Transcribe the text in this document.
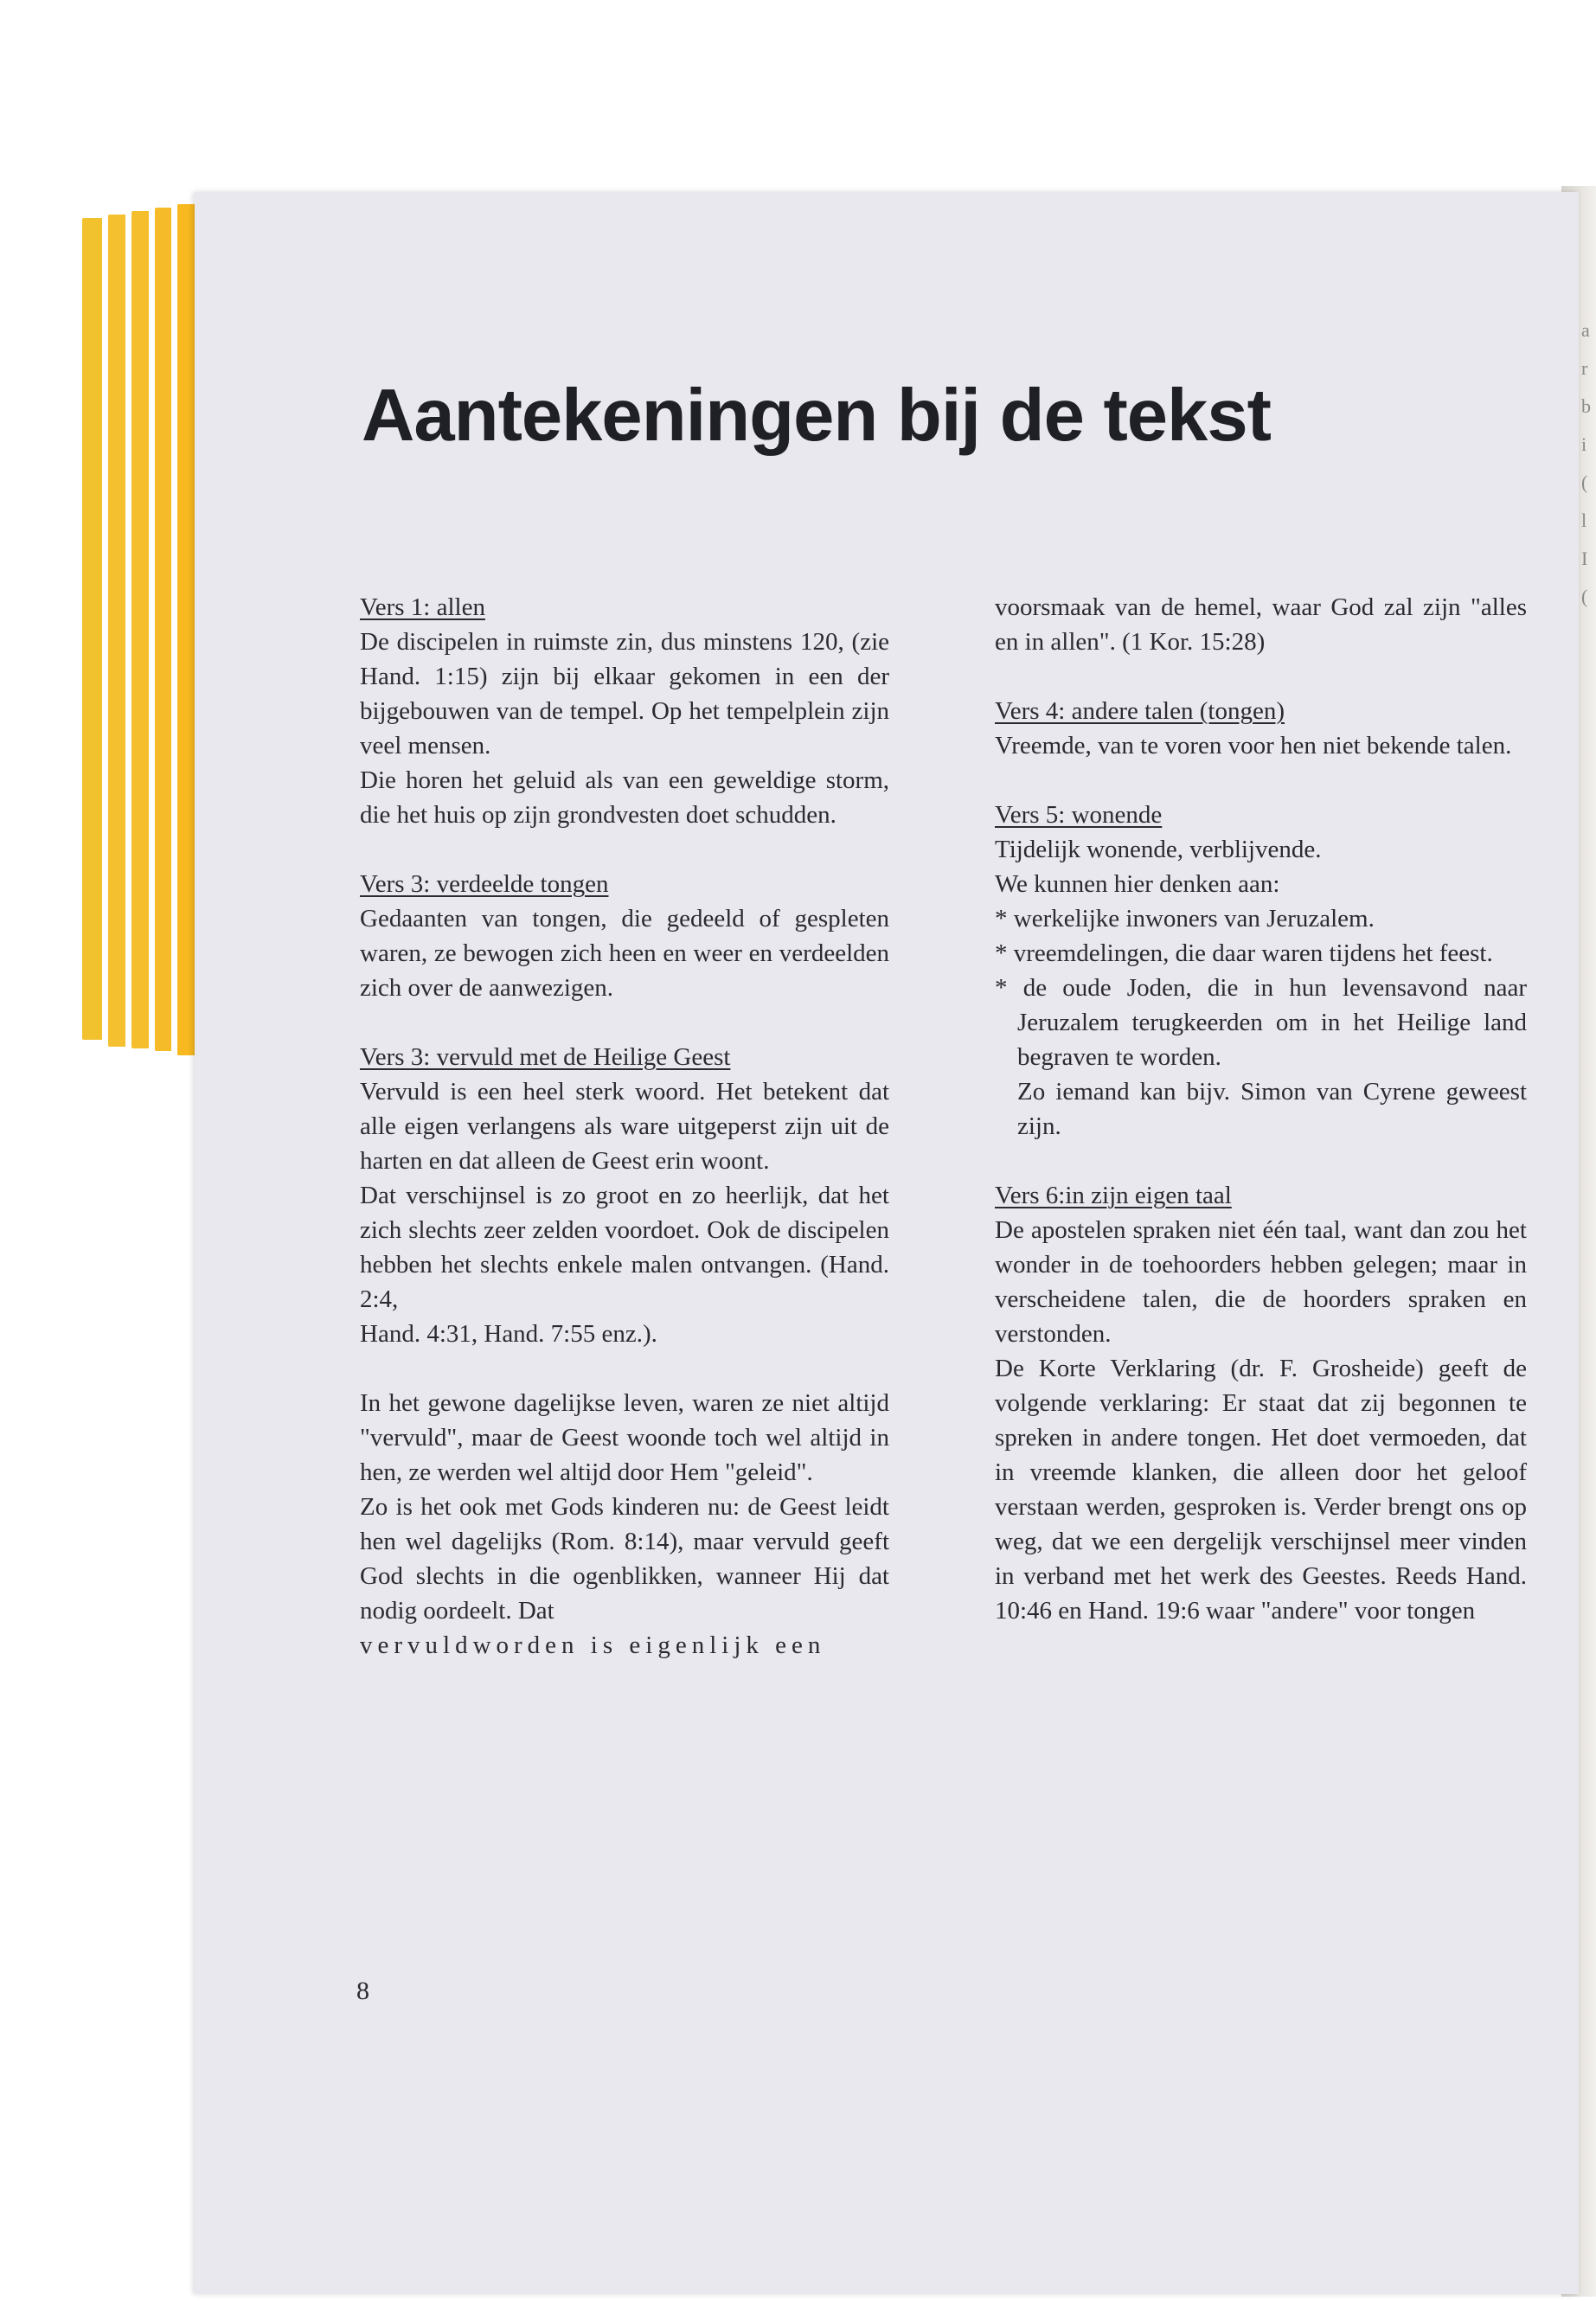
a
r
b
i
(
l
I
(
Aantekeningen bij de tekst

Vers 1: allen

De discipelen in ruimste zin, dus minstens 120, (zie Hand. 1:15) zijn bij elkaar gekomen in een der bijgebouwen van de tempel. Op het tempelplein zijn veel mensen.

Die horen het geluid als van een geweldige storm, die het huis op zijn grondvesten doet schudden.

Vers 3: verdeelde tongen

Gedaanten van tongen, die gedeeld of gespleten waren, ze bewogen zich heen en weer en verdeelden zich over de aanwezigen.

Vers 3: vervuld met de Heilige Geest

Vervuld is een heel sterk woord. Het betekent dat alle eigen verlangens als ware uitgeperst zijn uit de harten en dat alleen de Geest erin woont.

Dat verschijnsel is zo groot en zo heerlijk, dat het zich slechts zeer zelden voordoet. Ook de discipelen hebben het slechts enkele malen ontvangen. (Hand. 2:4,

Hand. 4:31, Hand. 7:55 enz.).

In het gewone dagelijkse leven, waren ze niet altijd "vervuld", maar de Geest woonde toch wel altijd in hen, ze werden wel altijd door Hem "geleid".

Zo is het ook met Gods kinderen nu: de Geest leidt hen wel dagelijks (Rom. 8:14), maar vervuld geeft God slechts in die ogenblikken, wanneer Hij dat nodig oordeelt. Dat

vervuldworden is eigenlijk een

voorsmaak van de hemel, waar God zal zijn "alles en in allen". (1 Kor. 15:28)

Vers 4: andere talen (tongen)

Vreemde, van te voren voor hen niet bekende talen.

Vers 5: wonende

Tijdelijk wonende, verblijvende.

We kunnen hier denken aan:

* werkelijke inwoners van Jeruzalem.

* vreemdelingen, die daar waren tijdens het feest.

* de oude Joden, die in hun levensavond naar Jeruzalem terugkeerden om in het Heilige land begraven te worden.

Zo iemand kan bijv. Simon van Cyrene geweest zijn.

Vers 6:in zijn eigen taal

De apostelen spraken niet één taal, want dan zou het wonder in de toehoorders hebben gelegen; maar in verscheidene talen, die de hoorders spraken en verstonden.

De Korte Verklaring (dr. F. Grosheide) geeft de volgende verklaring: Er staat dat zij begonnen te spreken in andere tongen. Het doet vermoeden, dat in vreemde klanken, die alleen door het geloof verstaan werden, gesproken is. Verder brengt ons op weg, dat we een dergelijk verschijnsel meer vinden in verband met het werk des Geestes. Reeds Hand. 10:46 en Hand. 19:6 waar "andere" voor tongen

8
